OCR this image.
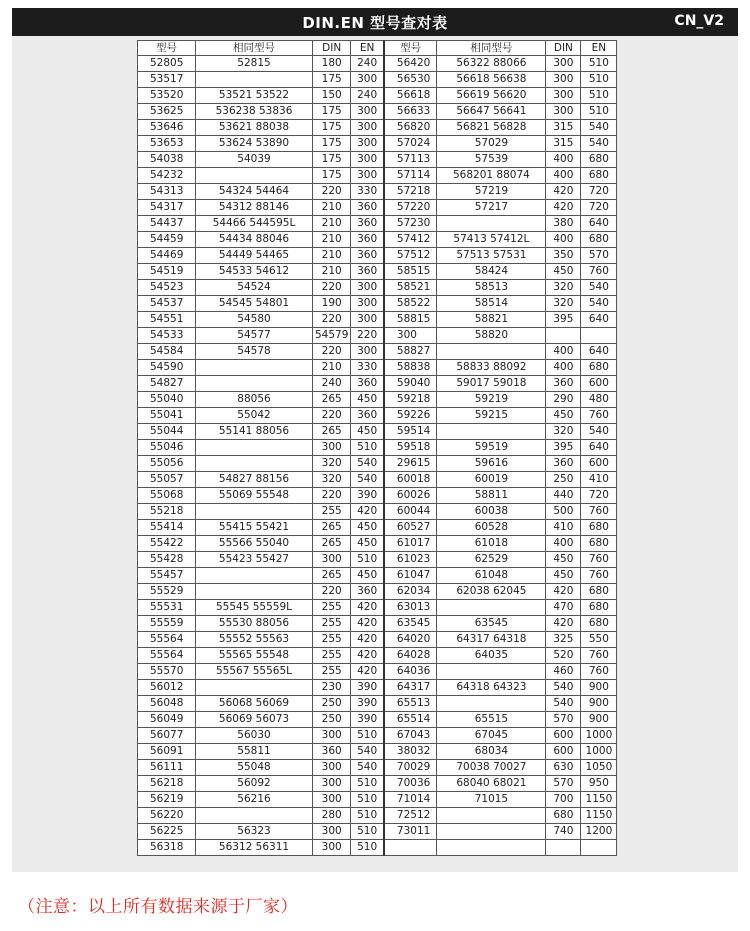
DIN.EN 型号查对表	CN_V2
型号	相同型号	DIN	EN	型号	相同型号	DIN	EN
52805	52815	180	240	56420	56322 88066	300	510
53517		175	300	56530	56618 56638	300	510
53520	53521 53522	150	240	56618	56619 56620	300	510
53625	536238 53836	175	300	56633	56647 56641	300	510
53646	53621 88038	175	300	56820	56821 56828	315	540
53653	53624 53890	175	300	57024	57029	315	540
54038	54039	175	300	57113	57539	400	680
54232		175	300	57114	568201 88074	400	680
54313	54324 54464	220	330	57218	57219	420	720
54317	54312 88146	210	360	57220	57217	420	720
54437	54466 544595L	210	360	57230		380	640
54459	54434 88046	210	360	57412	57413 57412L	400	680
54469	54449 54465	210	360	57512	57513 57531	350	570
54519	54533 54612	210	360	58515	58424	450	760
54523	54524	220	300	58521	58513	320	540
54537	54545 54801	190	300	58522	58514	320	540
54551	54580	220	300	58815	58821	395	640
54533	54577	54579	220	300	58820		
54584	54578	220	300	58827		400	640
54590		210	330	58838	58833 88092	400	680
54827		240	360	59040	59017 59018	360	600
55040	88056	265	450	59218	59219	290	480
55041	55042	220	360	59226	59215	450	760
55044	55141 88056	265	450	59514		320	540
55046		300	510	59518	59519	395	640
55056		320	540	29615	59616	360	600
55057	54827 88156	320	540	60018	60019	250	410
55068	55069 55548	220	390	60026	58811	440	720
55218		255	420	60044	60038	500	760
55414	55415 55421	265	450	60527	60528	410	680
55422	55566 55040	265	450	61017	61018	400	680
55428	55423 55427	300	510	61023	62529	450	760
55457		265	450	61047	61048	450	760
55529		220	360	62034	62038 62045	420	680
55531	55545 55559L	255	420	63013		470	680
55559	55530 88056	255	420	63545	63545	420	680
55564	55552 55563	255	420	64020	64317 64318	325	550
55564	55565 55548	255	420	64028	64035	520	760
55570	55567 55565L	255	420	64036		460	760
56012		230	390	64317	64318 64323	540	900
56048	56068 56069	250	390	65513		540	900
56049	56069 56073	250	390	65514	65515	570	900
56077	56030	300	510	67043	67045	600	1000
56091	55811	360	540	38032	68034	600	1000
56111	55048	300	540	70029	70038 70027	630	1050
56218	56092	300	510	70036	68040 68021	570	950
56219	56216	300	510	71014	71015	700	1150
56220		280	510	72512		680	1150
56225	56323	300	510	73011		740	1200
56318	56312 56311	300	510				
（注意：以上所有数据来源于厂家）
